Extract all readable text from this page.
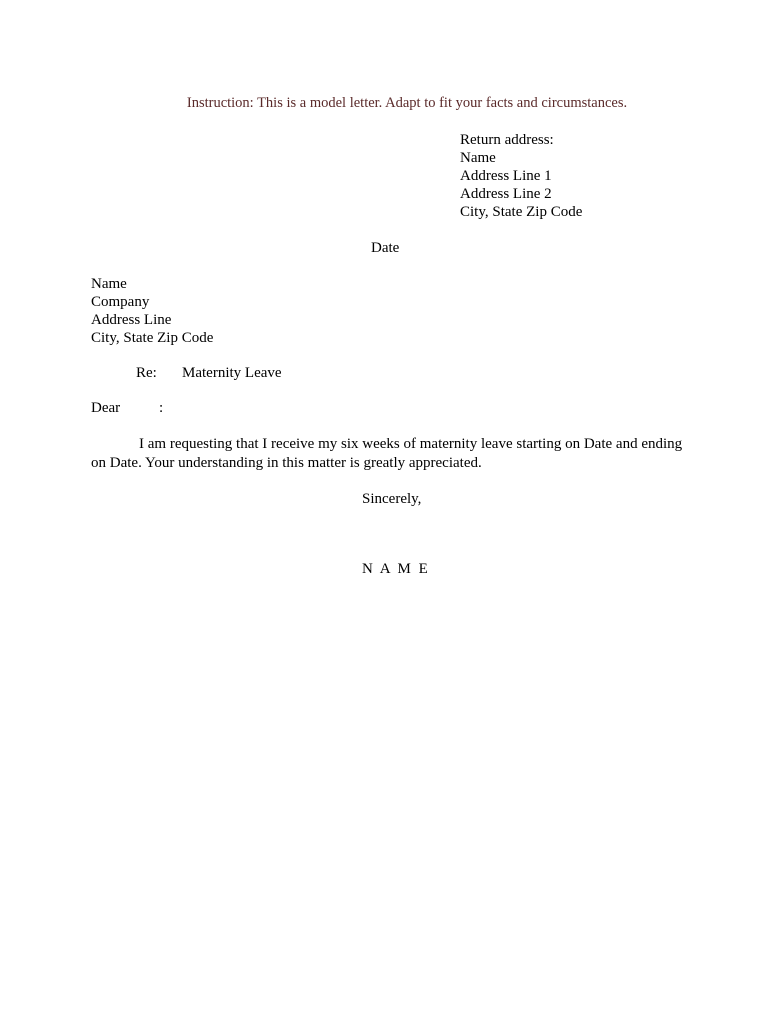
Instruction: This is a model letter. Adapt to fit your facts and circumstances.
Return address:
Name
Address Line 1
Address Line 2
City, State Zip Code
Date
Name
Company
Address Line
City, State Zip Code
Re: Maternity Leave
Dear	:
I am requesting that I receive my six weeks of maternity leave starting on Date and ending
on Date. Your understanding in this matter is greatly appreciated.
Sincerely,
N A M E
